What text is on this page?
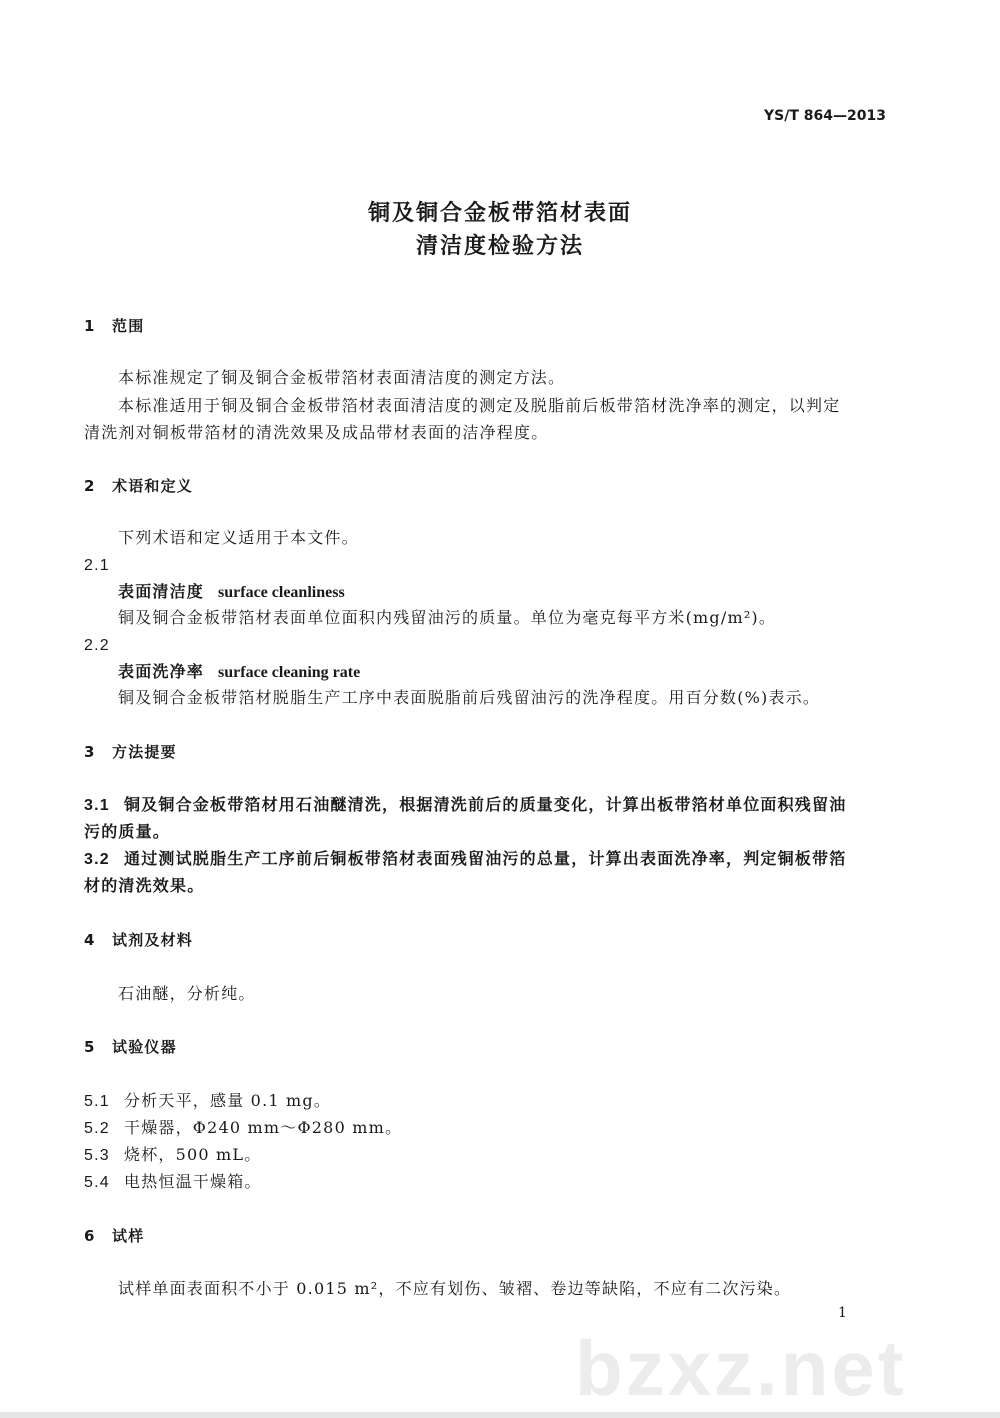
bzxz.net
YS/T 864—2013
铜及铜合金板带箔材表面
清洁度检验方法
1 范围
本标准规定了铜及铜合金板带箔材表面清洁度的测定方法。
本标准适用于铜及铜合金板带箔材表面清洁度的测定及脱脂前后板带箔材洗净率的测定，以判定
清洗剂对铜板带箔材的清洗效果及成品带材表面的洁净程度。
2 术语和定义
下列术语和定义适用于本文件。
2.1
表面清洁度 surface cleanliness
铜及铜合金板带箔材表面单位面积内残留油污的质量。单位为毫克每平方米(mg/m²)。
2.2
表面洗净率 surface cleaning rate
铜及铜合金板带箔材脱脂生产工序中表面脱脂前后残留油污的洗净程度。用百分数(%)表示。
3 方法提要
3.1 铜及铜合金板带箔材用石油醚清洗，根据清洗前后的质量变化，计算出板带箔材单位面积残留油
污的质量。
3.2 通过测试脱脂生产工序前后铜板带箔材表面残留油污的总量，计算出表面洗净率，判定铜板带箔
材的清洗效果。
4 试剂及材料
石油醚，分析纯。
5 试验仪器
5.1 分析天平，感量 0.1 mg。
5.2 干燥器，Φ240 mm～Φ280 mm。
5.3 烧杯，500 mL。
5.4 电热恒温干燥箱。
6 试样
试样单面表面积不小于 0.015 m²，不应有划伤、皱褶、卷边等缺陷，不应有二次污染。
1
